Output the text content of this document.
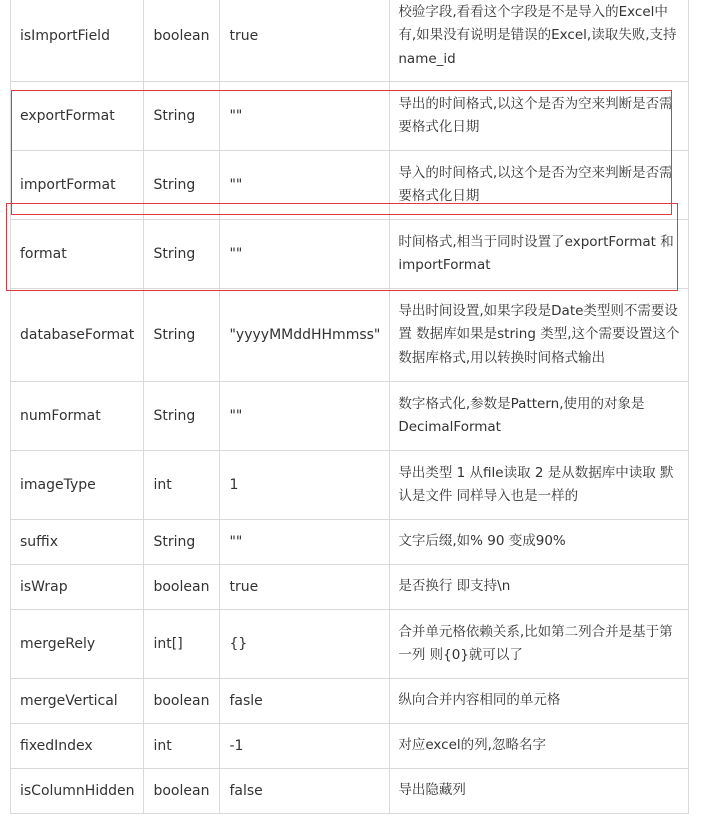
isImportField	boolean	true	校验字段,看看这个字段是不是导入的Excel中有,如果没有说明是错误的Excel,读取失败,支持name_id
exportFormat	String	""	导出的时间格式,以这个是否为空来判断是否需要格式化日期
importFormat	String	""	导入的时间格式,以这个是否为空来判断是否需要格式化日期
format	String	""	时间格式,相当于同时设置了exportFormat 和 importFormat
databaseFormat	String	"yyyyMMddHHmmss"	导出时间设置,如果字段是Date类型则不需要设置 数据库如果是string 类型,这个需要设置这个数据库格式,用以转换时间格式输出
numFormat	String	""	数字格式化,参数是Pattern,使用的对象是DecimalFormat
imageType	int	1	导出类型 1 从file读取 2 是从数据库中读取 默认是文件 同样导入也是一样的
suffix	String	""	文字后缀,如% 90 变成90%
isWrap	boolean	true	是否换行 即支持\n
mergeRely	int[]	{}	合并单元格依赖关系,比如第二列合并是基于第一列 则{0}就可以了
mergeVertical	boolean	fasle	纵向合并内容相同的单元格
fixedIndex	int	-1	对应excel的列,忽略名字
isColumnHidden	boolean	false	导出隐藏列
